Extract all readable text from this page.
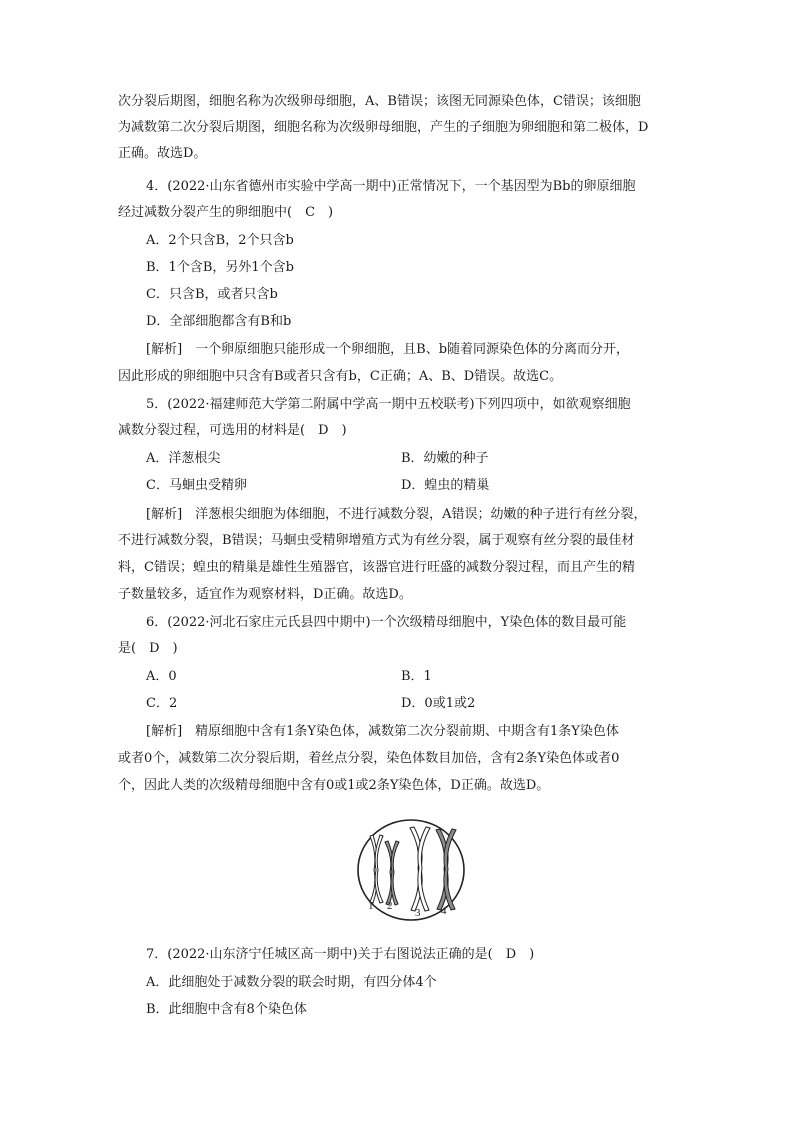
次分裂后期图，细胞名称为次级卵母细胞，A、B错误；该图无同源染色体，C错误；该细胞
为减数第二次分裂后期图，细胞名称为次级卵母细胞，产生的子细胞为卵细胞和第二极体，D
正确。故选D。
4．(2022·山东省德州市实验中学高一期中)正常情况下，一个基因型为Bb的卵原细胞
经过减数分裂产生的卵细胞中(　C　)
A．2个只含B，2个只含b
B．1个含B，另外1个含b
C．只含B，或者只含b
D．全部细胞都含有B和b
[解析]　一个卵原细胞只能形成一个卵细胞，且B、b随着同源染色体的分离而分开，
因此形成的卵细胞中只含有B或者只含有b，C正确；A、B、D错误。故选C。
5．(2022·福建师范大学第二附属中学高一期中五校联考)下列四项中，如欲观察细胞
减数分裂过程，可选用的材料是(　D　)
A．洋葱根尖	B．幼嫩的种子
C．马蛔虫受精卵	D．蝗虫的精巢
[解析]　洋葱根尖细胞为体细胞，不进行减数分裂，A错误；幼嫩的种子进行有丝分裂，
不进行减数分裂，B错误；马蛔虫受精卵增殖方式为有丝分裂，属于观察有丝分裂的最佳材
料，C错误；蝗虫的精巢是雄性生殖器官，该器官进行旺盛的减数分裂过程，而且产生的精
子数量较多，适宜作为观察材料，D正确。故选D。
6．(2022·河北石家庄元氏县四中期中)一个次级精母细胞中，Y染色体的数目最可能
是(　D　)
A．0	B．1
C．2	D．0或1或2
[解析]　精原细胞中含有1条Y染色体，减数第二次分裂前期、中期含有1条Y染色体
或者0个，减数第二次分裂后期，着丝点分裂，染色体数目加倍，含有2条Y染色体或者0
个，因此人类的次级精母细胞中含有0或1或2条Y染色体，D正确。故选D。
1 2
3 4
7．(2022·山东济宁任城区高一期中)关于右图说法正确的是(　D　)
A．此细胞处于减数分裂的联会时期，有四分体4个
B．此细胞中含有8个染色体
